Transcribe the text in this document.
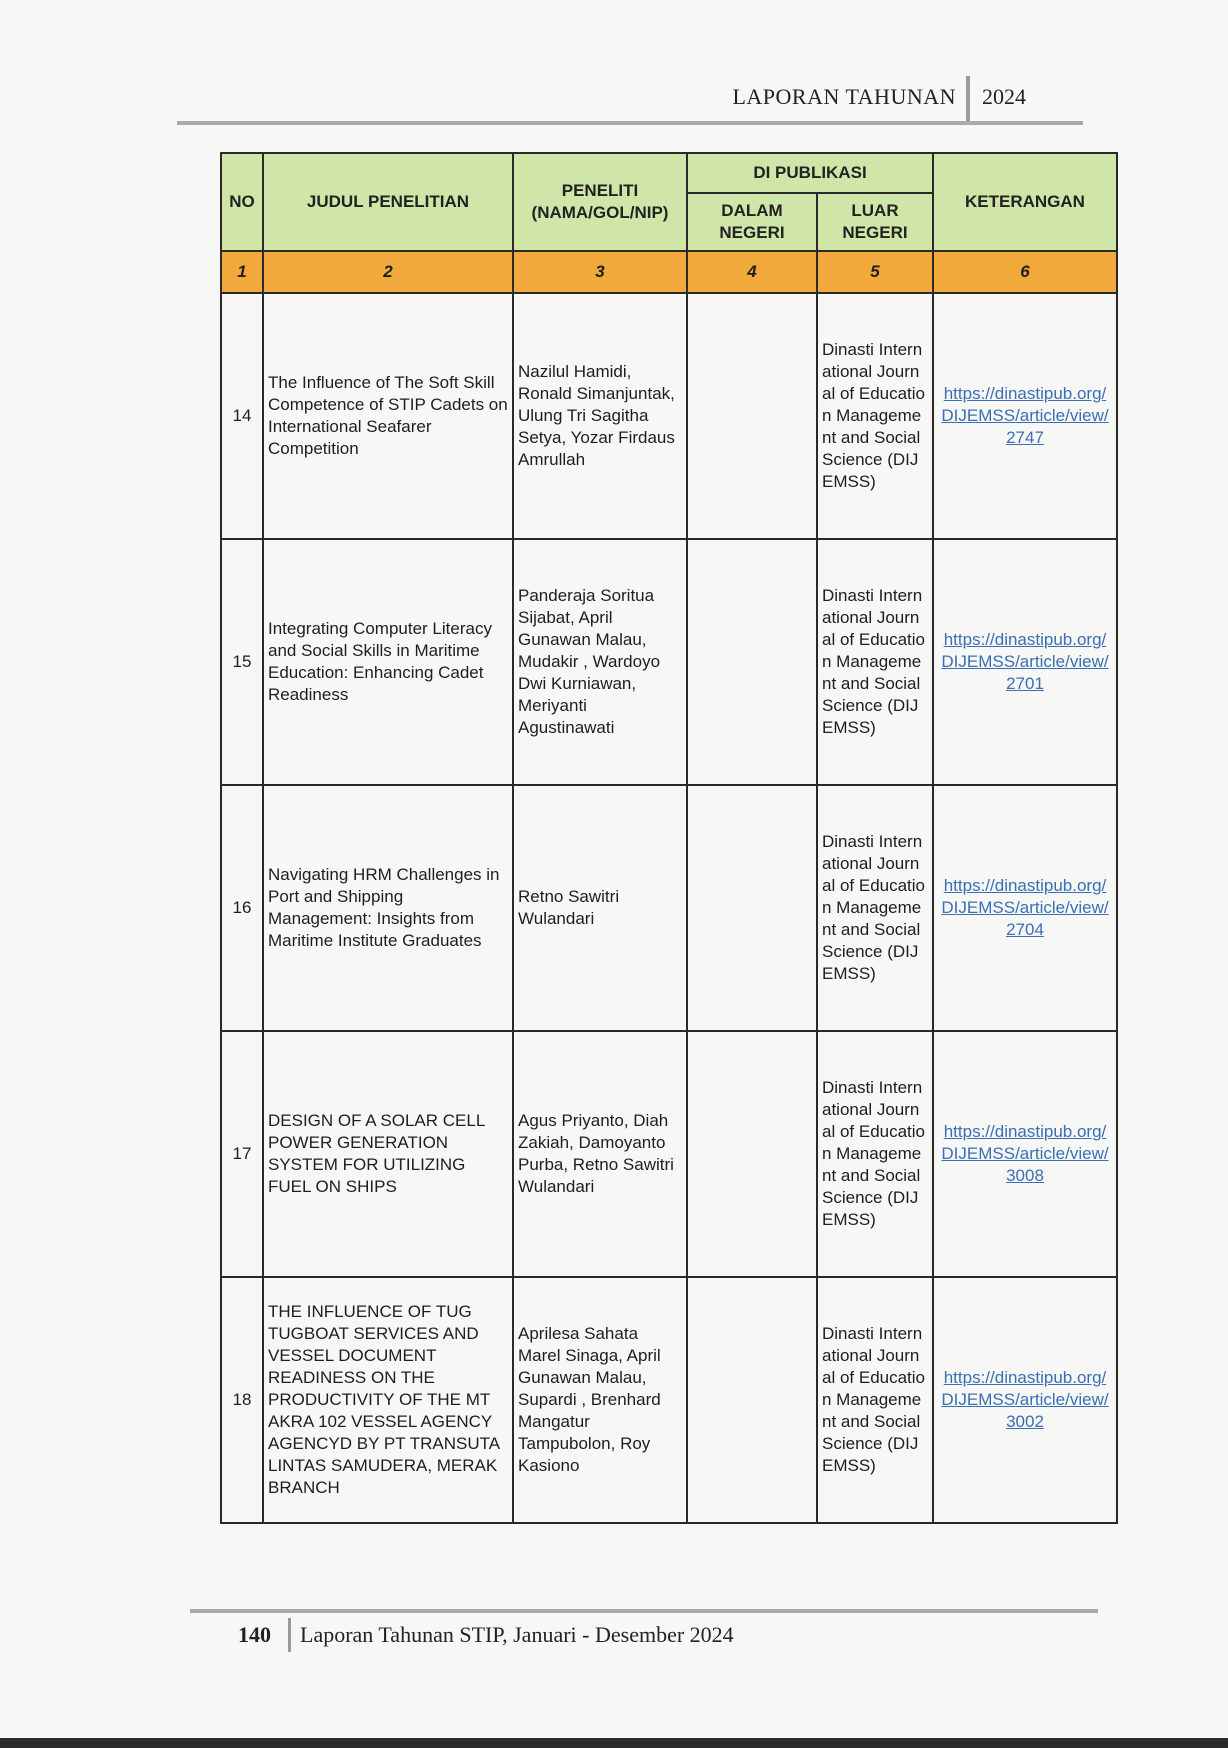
LAPORAN TAHUNAN 2024
NO	JUDUL PENELITIAN	PENELITI (NAMA/GOL/NIP)	DI PUBLIKASI		KETERANGAN
			DALAM NEGERI	LUAR NEGERI	
1	2	3	4	5	6
14	The Influence of The Soft Skill Competence of STIP Cadets on International Seafarer Competition	Nazilul Hamidi, Ronald Simanjuntak, Ulung Tri Sagitha Setya, Yozar Firdaus Amrullah		Dinasti International Journal of Education Management and Social Science (DIJEMSS)	https://dinastipub.org/DIJEMSS/article/view/2747
15	Integrating Computer Literacy and Social Skills in Maritime Education: Enhancing Cadet Readiness	Panderaja Soritua Sijabat, April Gunawan Malau, Mudakir , Wardoyo Dwi Kurniawan, Meriyanti Agustinawati		Dinasti International Journal of Education Management and Social Science (DIJEMSS)	https://dinastipub.org/DIJEMSS/article/view/2701
16	Navigating HRM Challenges in Port and Shipping Management: Insights from Maritime Institute Graduates	Retno Sawitri Wulandari		Dinasti International Journal of Education Management and Social Science (DIJEMSS)	https://dinastipub.org/DIJEMSS/article/view/2704
17	DESIGN OF A SOLAR CELL POWER GENERATION SYSTEM FOR UTILIZING FUEL ON SHIPS	Agus Priyanto, Diah Zakiah, Damoyanto Purba, Retno Sawitri Wulandari		Dinasti International Journal of Education Management and Social Science (DIJEMSS)	https://dinastipub.org/DIJEMSS/article/view/3008
18	THE INFLUENCE OF TUG TUGBOAT SERVICES AND VESSEL DOCUMENT READINESS ON THE PRODUCTIVITY OF THE MT AKRA 102 VESSEL AGENCY AGENCYD BY PT TRANSUTA LINTAS SAMUDERA, MERAK BRANCH	Aprilesa Sahata Marel Sinaga, April Gunawan Malau, Supardi , Brenhard Mangatur Tampubolon, Roy Kasiono		Dinasti International Journal of Education Management and Social Science (DIJEMSS)	https://dinastipub.org/DIJEMSS/article/view/3002
140 Laporan Tahunan STIP, Januari - Desember 2024
